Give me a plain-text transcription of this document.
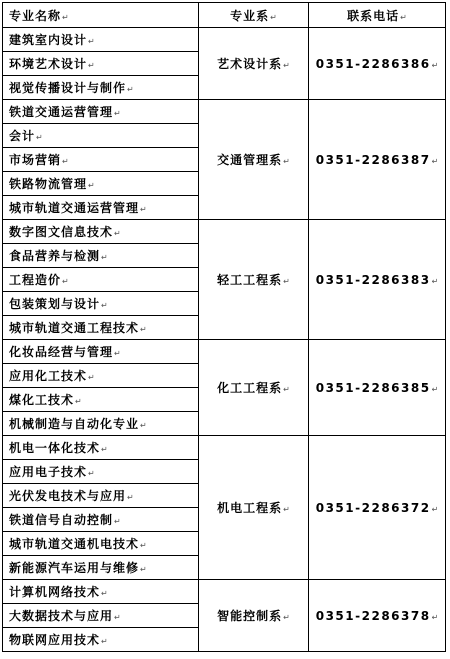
专业名称↵	专业系↵	联系电话↵
建筑室内设计↵	艺术设计系↵	0351-2286386↵
环境艺术设计↵		
视觉传播设计与制作↵		
铁道交通运营管理↵	交通管理系↵	0351-2286387↵
会计↵		
市场营销↵		
铁路物流管理↵		
城市轨道交通运营管理↵		
数字图文信息技术↵	轻工工程系↵	0351-2286383↵
食品营养与检测↵		
工程造价↵		
包装策划与设计↵		
城市轨道交通工程技术↵		
化妆品经营与管理↵	化工工程系↵	0351-2286385↵
应用化工技术↵		
煤化工技术↵		
机械制造与自动化专业↵		
机电一体化技术↵	机电工程系↵	0351-2286372↵
应用电子技术↵		
光伏发电技术与应用↵		
铁道信号自动控制↵		
城市轨道交通机电技术↵		
新能源汽车运用与维修↵		
计算机网络技术↵	智能控制系↵	0351-2286378↵
大数据技术与应用↵		
物联网应用技术↵		
